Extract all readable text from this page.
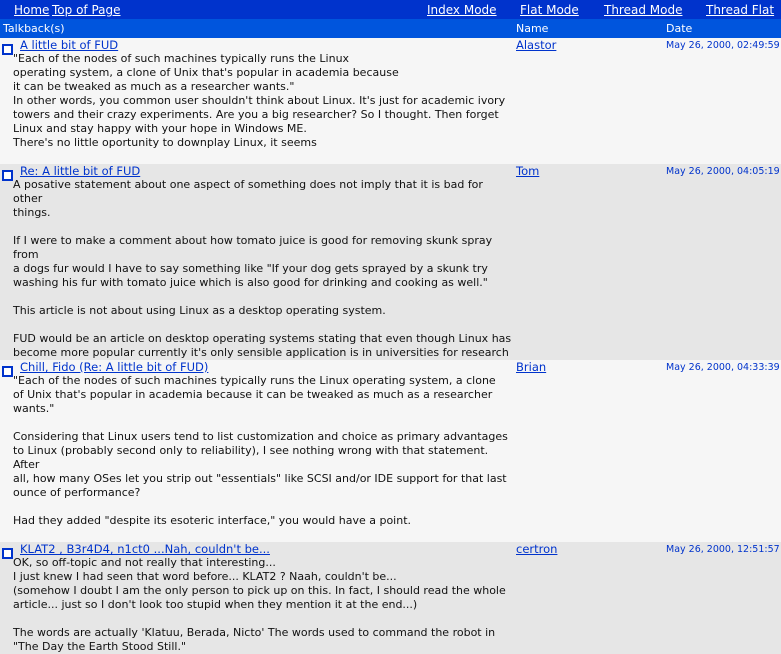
Home Top of Page	Index Mode Flat Mode Thread Mode Thread Flat
Talkback(s)	Name	Date
A little bit of FUD	Alastor	May 26, 2000, 02:49:59
"Each of the nodes of such machines typically runs the Linux
operating system, a clone of Unix that's popular in academia because
it can be tweaked as much as a researcher wants."
In other words, you common user shouldn't think about Linux. It's just for academic ivory
towers and their crazy experiments. Are you a big researcher? So I thought. Then forget
Linux and stay happy with your hope in Windows ME.
There's no little oportunity to downplay Linux, it seems
Re: A little bit of FUD	Tom	May 26, 2000, 04:05:19
A posative statement about one aspect of something does not imply that it is bad for other
things.

If I were to make a comment about how tomato juice is good for removing skunk spray from
a dogs fur would I have to say something like "If your dog gets sprayed by a skunk try
washing his fur with tomato juice which is also good for drinking and cooking as well."

This article is not about using Linux as a desktop operating system.

FUD would be an article on desktop operating systems stating that even though Linux has
become more popular currently it's only sensible application is in universities for research

Chill, Fido (Re: A little bit of FUD)	Brian	May 26, 2000, 04:33:39
"Each of the nodes of such machines typically runs the Linux operating system, a clone
of Unix that's popular in academia because it can be tweaked as much as a researcher
wants."

Considering that Linux users tend to list customization and choice as primary advantages
to Linux (probably second only to reliability), I see nothing wrong with that statement. After
all, how many OSes let you strip out "essentials" like SCSI and/or IDE support for that last
ounce of performance?

Had they added "despite its esoteric interface," you would have a point.
KLAT2 , B3r4D4, n1ct0 ...Nah, couldn't be...	certron	May 26, 2000, 12:51:57
OK, so off-topic and not really that interesting...
I just knew I had seen that word before... KLAT2 ? Naah, couldn't be...
(somehow I doubt I am the only person to pick up on this. In fact, I should read the whole
article... just so I don't look too stupid when they mention it at the end...)

The words are actually 'Klatuu, Berada, Nicto' The words used to command the robot in
"The Day the Earth Stood Still."
